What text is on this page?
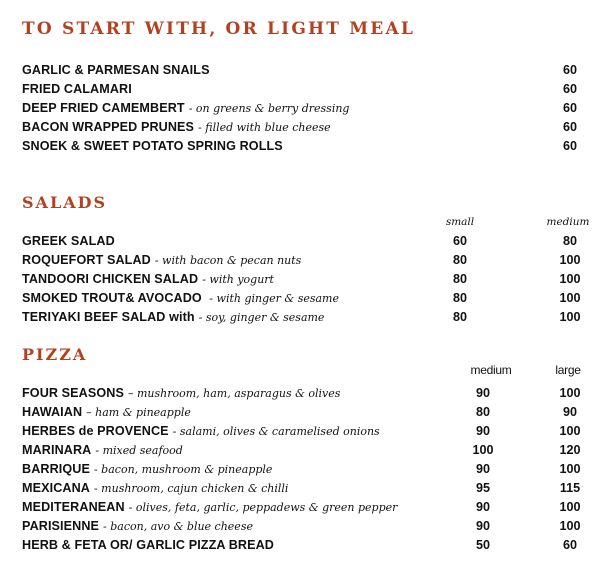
TO START WITH, OR LIGHT MEAL
GARLIC & PARMESAN SNAILS	60
FRIED CALAMARI	60
DEEP FRIED CAMEMBERT - on greens & berry dressing	60
BACON WRAPPED PRUNES - filled with blue cheese	60
SNOEK & SWEET POTATO SPRING ROLLS	60
SALADS
small	medium
GREEK SALAD	60	80
ROQUEFORT SALAD - with bacon & pecan nuts	80	100
TANDOORI CHICKEN SALAD - with yogurt	80	100
SMOKED TROUT& AVOCADO - with ginger & sesame	80	100
TERIYAKI BEEF SALAD with - soy, ginger & sesame	80	100
PIZZA
medium	large
FOUR SEASONS – mushroom, ham, asparagus & olives	90	100
HAWAIAN – ham & pineapple	80	90
HERBES de PROVENCE - salami, olives & caramelised onions	90	100
MARINARA - mixed seafood	100	120
BARRIQUE - bacon, mushroom & pineapple	90	100
MEXICANA - mushroom, cajun chicken & chilli	95	115
MEDITERANEAN - olives, feta, garlic, peppadews & green pepper	90	100
PARISIENNE - bacon, avo & blue cheese	90	100
HERB & FETA OR/ GARLIC PIZZA BREAD	50	60
